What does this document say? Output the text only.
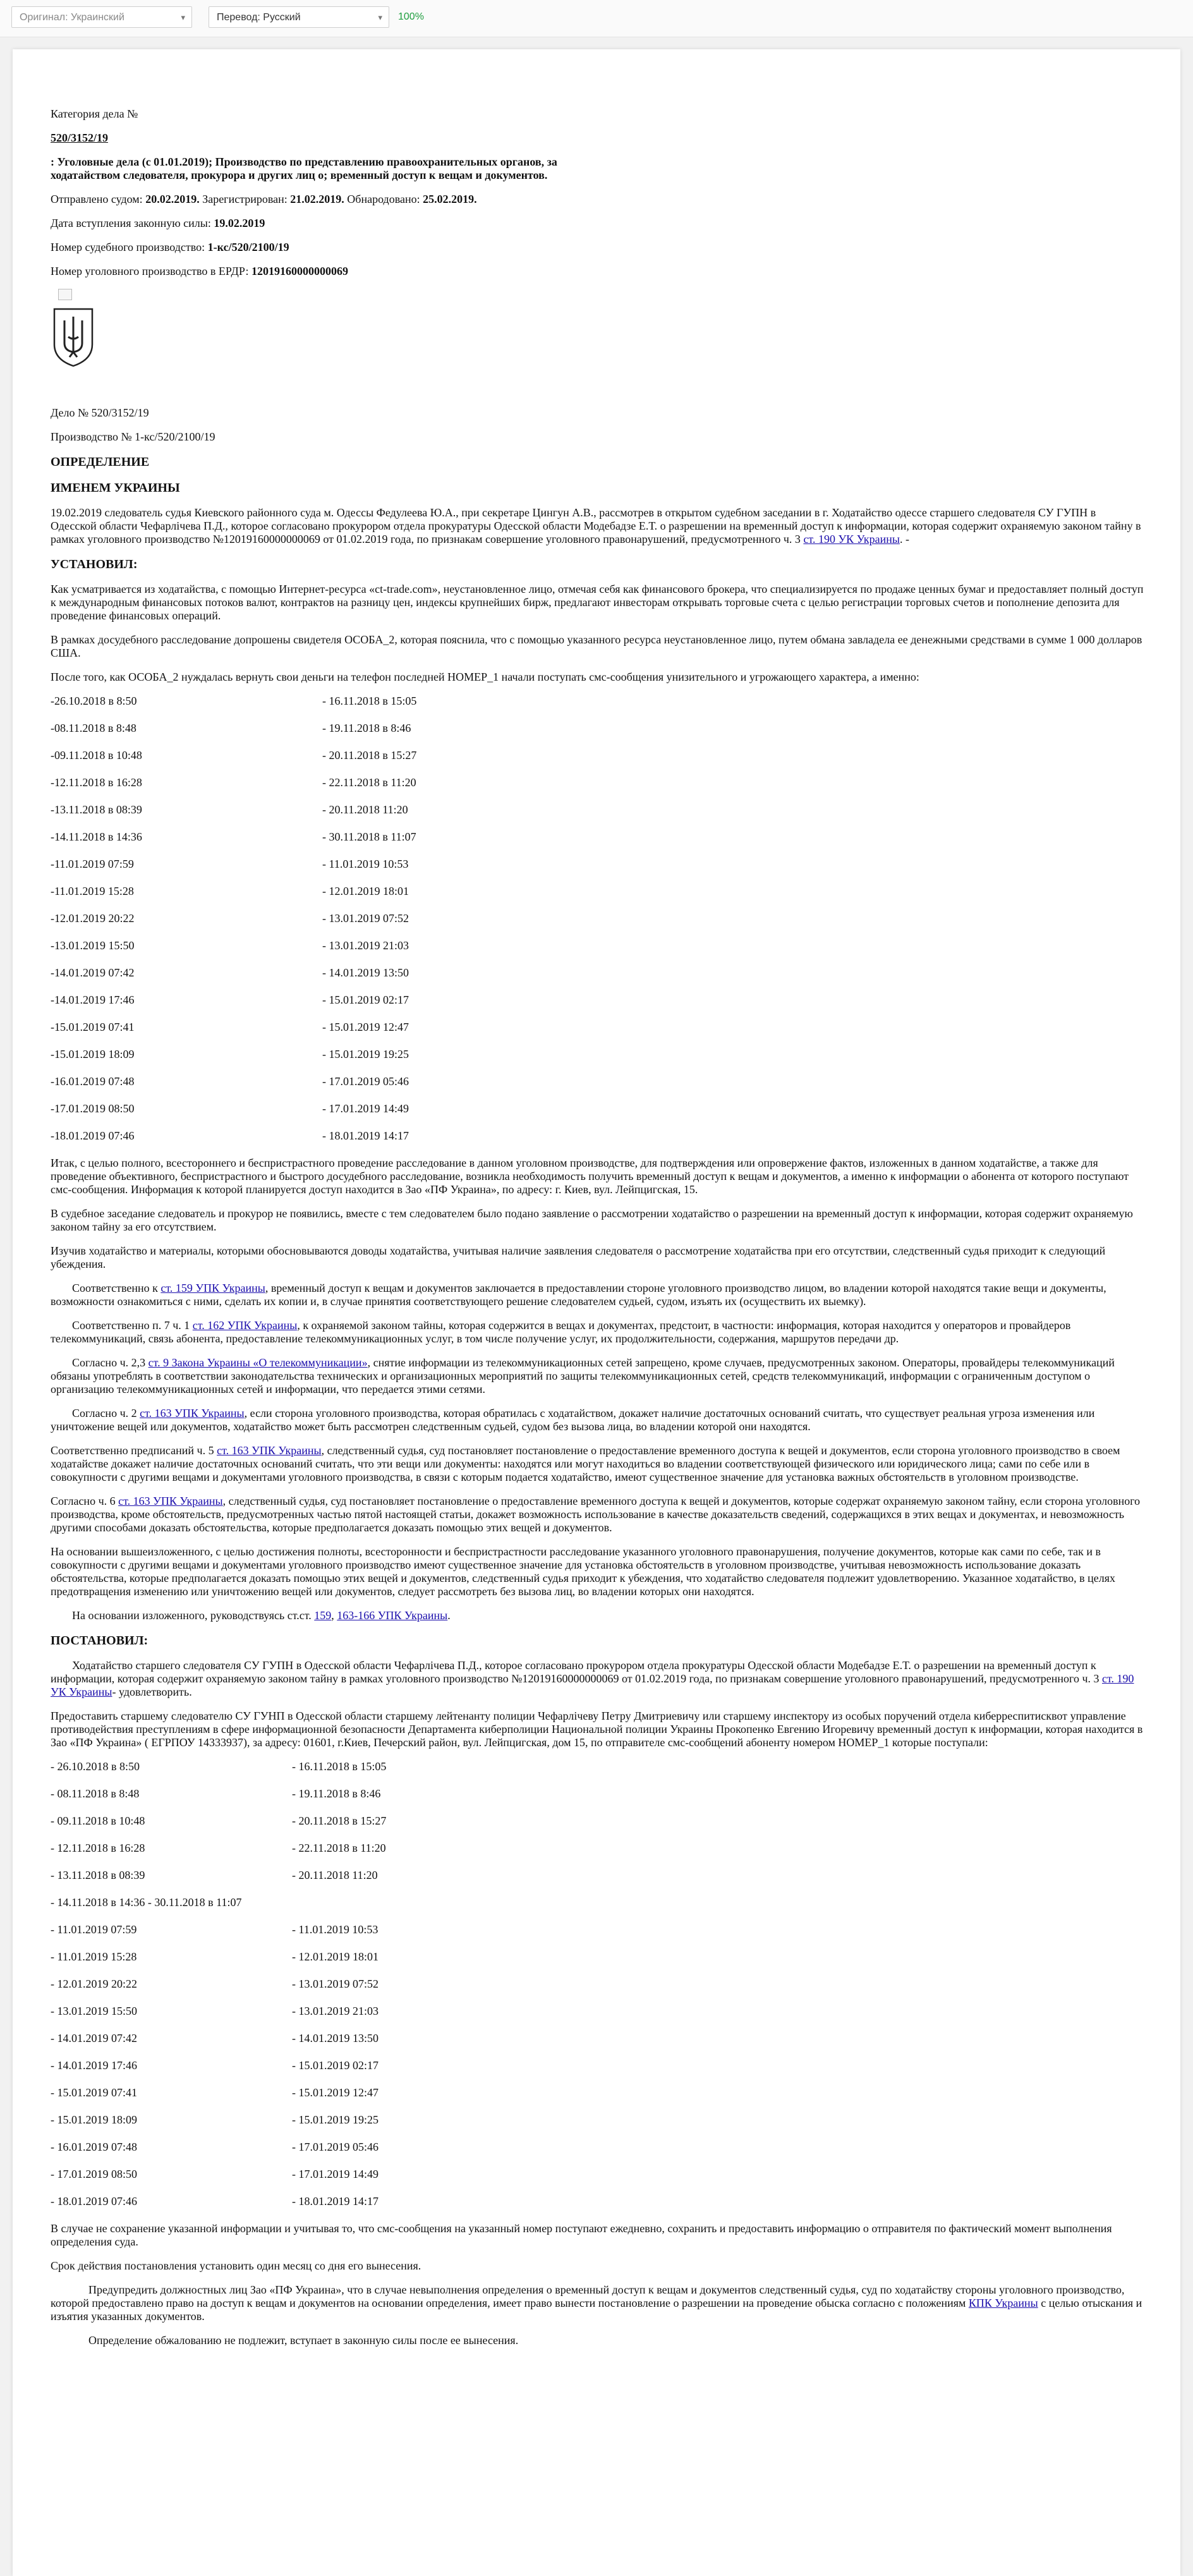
Оригинал: Украинский	▾	Перевод: Русский	▾ 100%

Категория дела №

520/3152/19

: Уголовные дела (с 01.01.2019); Производство по представлению правоохранительных органов, за ходатайством следователя, прокурора и других лиц о; временный доступ к вещам и документов.

Отправлено судом: 20.02.2019. Зарегистрирован: 21.02.2019. Обнародовано: 25.02.2019.

Дата вступления законную силы: 19.02.2019

Номер судебного производство: 1-кс/520/2100/19

Номер уголовного производство в ЕРДР: 12019160000000069

Дело № 520/3152/19

Производство № 1-кс/520/2100/19

ОПРЕДЕЛЕНИЕ
ИМЕНЕМ УКРАИНЫ

19.02.2019 следователь судья Киевского районного суда м. Одессы Федулеева Ю.А., при секретаре Цингун А.В., рассмотрев в открытом судебном заседании в г. Ходатайство одессе старшего следователя СУ ГУПН в Одесской области Чефарлічева П.Д., которое согласовано прокурором отдела прокуратуры Одесской области Модебадзе Е.Т. о разрешении на временный доступ к информации, которая содержит охраняемую законом тайну в рамках уголовного производство №12019160000000069 от 01.02.2019 года, по признакам совершение уголовного правонарушений, предусмотренного ч. 3 ст. 190 УК Украины. -

УСТАНОВИЛ:

Как усматривается из ходатайства, с помощью Интернет-ресурса «ct-trade.com», неустановленное лицо, отмечая себя как финансового брокера, что специализируется по продаже ценных бумаг и предоставляет полный доступ к международным финансовых потоков валют, контрактов на разницу цен, индексы крупнейших бирж, предлагают инвесторам открывать торговые счета с целью регистрации торговых счетов и пополнение депозита для проведение финансовых операций.

В рамках досудебного расследование допрошены свидетеля ОСОБА_2, которая пояснила, что с помощью указанного ресурса неустановленное лицо, путем обмана завладела ее денежными средствами в сумме 1 000 долларов США.

После того, как ОСОБА_2 нуждалась вернуть свои деньги на телефон последней НОМЕР_1 начали поступать смс-сообщения унизительного и угрожающего характера, а именно:

-26.10.2018 в 8:50	- 16.11.2018 в 15:05
-08.11.2018 в 8:48	- 19.11.2018 в 8:46
-09.11.2018 в 10:48	- 20.11.2018 в 15:27
-12.11.2018 в 16:28	- 22.11.2018 в 11:20
-13.11.2018 в 08:39	- 20.11.2018 11:20
-14.11.2018 в 14:36	- 30.11.2018 в 11:07
-11.01.2019 07:59	- 11.01.2019 10:53
-11.01.2019 15:28	- 12.01.2019 18:01
-12.01.2019 20:22	- 13.01.2019 07:52
-13.01.2019 15:50	- 13.01.2019 21:03
-14.01.2019 07:42	- 14.01.2019 13:50
-14.01.2019 17:46	- 15.01.2019 02:17
-15.01.2019 07:41	- 15.01.2019 12:47
-15.01.2019 18:09	- 15.01.2019 19:25
-16.01.2019 07:48	- 17.01.2019 05:46
-17.01.2019 08:50	- 17.01.2019 14:49
-18.01.2019 07:46	- 18.01.2019 14:17

Итак, с целью полного, всестороннего и беспристрастного проведение расследование в данном уголовном производстве, для подтверждения или опровержение фактов, изложенных в данном ходатайстве, а также для проведение объективного, беспристрастного и быстрого досудебного расследование, возникла необходимость получить временный доступ к вещам и документов, а именно к информации о абонента от которого поступают смс-сообщения. Информация к которой планируется доступ находится в Зао «ПФ Украина», по адресу: г. Киев, вул. Лейпцигская, 15.

В судебное заседание следователь и прокурор не появились, вместе с тем следователем было подано заявление о рассмотрении ходатайство о разрешении на временный доступ к информации, которая содержит охраняемую законом тайну за его отсутствием.

Изучив ходатайство и материалы, которыми обосновываются доводы ходатайства, учитывая наличие заявления следователя о рассмотрение ходатайства при его отсутствии, следственный судья приходит к следующий убеждения.

Соответственно к ст. 159 УПК Украины, временный доступ к вещам и документов заключается в предоставлении стороне уголовного производство лицом, во владении которой находятся такие вещи и документы, возможности ознакомиться с ними, сделать их копии и, в случае принятия соответствующего решение следователем судьей, судом, изъять их (осуществить их выемку).

Соответственно п. 7 ч. 1 ст. 162 УПК Украины, к охраняемой законом тайны, которая содержится в вещах и документах, предстоит, в частности: информация, которая находится у операторов и провайдеров телекоммуникаций, связь абонента, предоставление телекоммуникационных услуг, в том числе получение услуг, их продолжительности, содержания, маршрутов передачи др.

Согласно ч. 2,3 ст. 9 Закона Украины «О телекоммуникации», снятие информации из телекоммуникационных сетей запрещено, кроме случаев, предусмотренных законом. Операторы, провайдеры телекоммуникаций обязаны употреблять в соответствии законодательства технических и организационных мероприятий по защиты телекоммуникационных сетей, средств телекоммуникаций, информации с ограниченным доступом о организацию телекоммуникационных сетей и информации, что передается этими сетями.

Согласно ч. 2 ст. 163 УПК Украины, если сторона уголовного производства, которая обратилась с ходатайством, докажет наличие достаточных оснований считать, что существует реальная угроза изменения или уничтожение вещей или документов, ходатайство может быть рассмотрен следственным судьей, судом без вызова лица, во владении которой они находятся.

Соответственно предписаний ч. 5 ст. 163 УПК Украины, следственный судья, суд постановляет постановление о предоставление временного доступа к вещей и документов, если сторона уголовного производство в своем ходатайстве докажет наличие достаточных оснований считать, что эти вещи или документы: находятся или могут находиться во владении соответствующей физического или юридического лица; сами по себе или в совокупности с другими вещами и документами уголовного производства, в связи с которым подается ходатайство, имеют существенное значение для установка важных обстоятельств в уголовном производстве.

Согласно ч. 6 ст. 163 УПК Украины, следственный судья, суд постановляет постановление о предоставление временного доступа к вещей и документов, которые содержат охраняемую законом тайну, если сторона уголовного производства, кроме обстоятельств, предусмотренных частью пятой настоящей статьи, докажет возможность использование в качестве доказательств сведений, содержащихся в этих вещах и документах, и невозможность другими способами доказать обстоятельства, которые предполагается доказать помощью этих вещей и документов.

На основании вышеизложенного, с целью достижения полноты, всесторонности и беспристрастности расследование указанного уголовного правонарушения, получение документов, которые как сами по себе, так и в совокупности с другими вещами и документами уголовного производство имеют существенное значение для установка обстоятельств в уголовном производстве, учитывая невозможность использование доказать обстоятельства, которые предполагается доказать помощью этих вещей и документов, следственный судья приходит к убеждения, что ходатайство следователя подлежит удовлетворению. Указанное ходатайство, в целях предотвращения изменению или уничтожению вещей или документов, следует рассмотреть без вызова лиц, во владении которых они находятся.

На основании изложенного, руководствуясь ст.ст. 159, 163-166 УПК Украины.

ПОСТАНОВИЛ:

Ходатайство старшего следователя СУ ГУПН в Одесской области Чефарлічева П.Д., которое согласовано прокурором отдела прокуратуры Одесской области Модебадзе Е.Т. о разрешении на временный доступ к информации, которая содержит охраняемую законом тайну в рамках уголовного производство №12019160000000069 от 01.02.2019 года, по признакам совершение уголовного правонарушений, предусмотренного ч. 3 ст. 190 УК Украины- удовлетворить.

Предоставить старшему следователю СУ ГУНП в Одесской области старшему лейтенанту полиции Чефарлічеву Петру Дмитриевичу или старшему инспектору из особых поручений отдела киберреспитисквот управление противодействия преступлениям в сфере информационной безопасности Департамента киберполиции Национальной полиции Украины Прокопенко Евгению Игоревичу временный доступ к информации, которая находится в Зао «ПФ Украина» ( ЕГРПОУ 14333937), за адресу: 01601, г.Киев, Печерский район, вул. Лейпцигская, дом 15, по отправителе смс-сообщений абоненту номером НОМЕР_1 которые поступали:

- 26.10.2018 в 8:50	- 16.11.2018 в 15:05
- 08.11.2018 в 8:48	- 19.11.2018 в 8:46
- 09.11.2018 в 10:48	- 20.11.2018 в 15:27
- 12.11.2018 в 16:28	- 22.11.2018 в 11:20
- 13.11.2018 в 08:39	- 20.11.2018 11:20
- 14.11.2018 в 14:36 - 30.11.2018 в 11:07
- 11.01.2019 07:59	- 11.01.2019 10:53
- 11.01.2019 15:28	- 12.01.2019 18:01
- 12.01.2019 20:22	- 13.01.2019 07:52
- 13.01.2019 15:50	- 13.01.2019 21:03
- 14.01.2019 07:42	- 14.01.2019 13:50
- 14.01.2019 17:46	- 15.01.2019 02:17
- 15.01.2019 07:41	- 15.01.2019 12:47
- 15.01.2019 18:09	- 15.01.2019 19:25
- 16.01.2019 07:48	- 17.01.2019 05:46
- 17.01.2019 08:50	- 17.01.2019 14:49
- 18.01.2019 07:46	- 18.01.2019 14:17

В случае не сохранение указанной информации и учитывая то, что смс-сообщения на указанный номер поступают ежедневно, сохранить и предоставить информацию о отправителя по фактический момент выполнения определения суда.

Срок действия постановления установить один месяц со дня его вынесения.

Предупредить должностных лиц Зао «ПФ Украина», что в случае невыполнения определения о временный доступ к вещам и документов следственный судья, суд по ходатайству стороны уголовного производство, которой предоставлено право на доступ к вещам и документов на основании определения, имеет право вынести постановление о разрешении на проведение обыска согласно с положениям КПК Украины с целью отыскания и изъятия указанных документов.

Определение обжалованию не подлежит, вступает в законную силы после ее вынесения.
